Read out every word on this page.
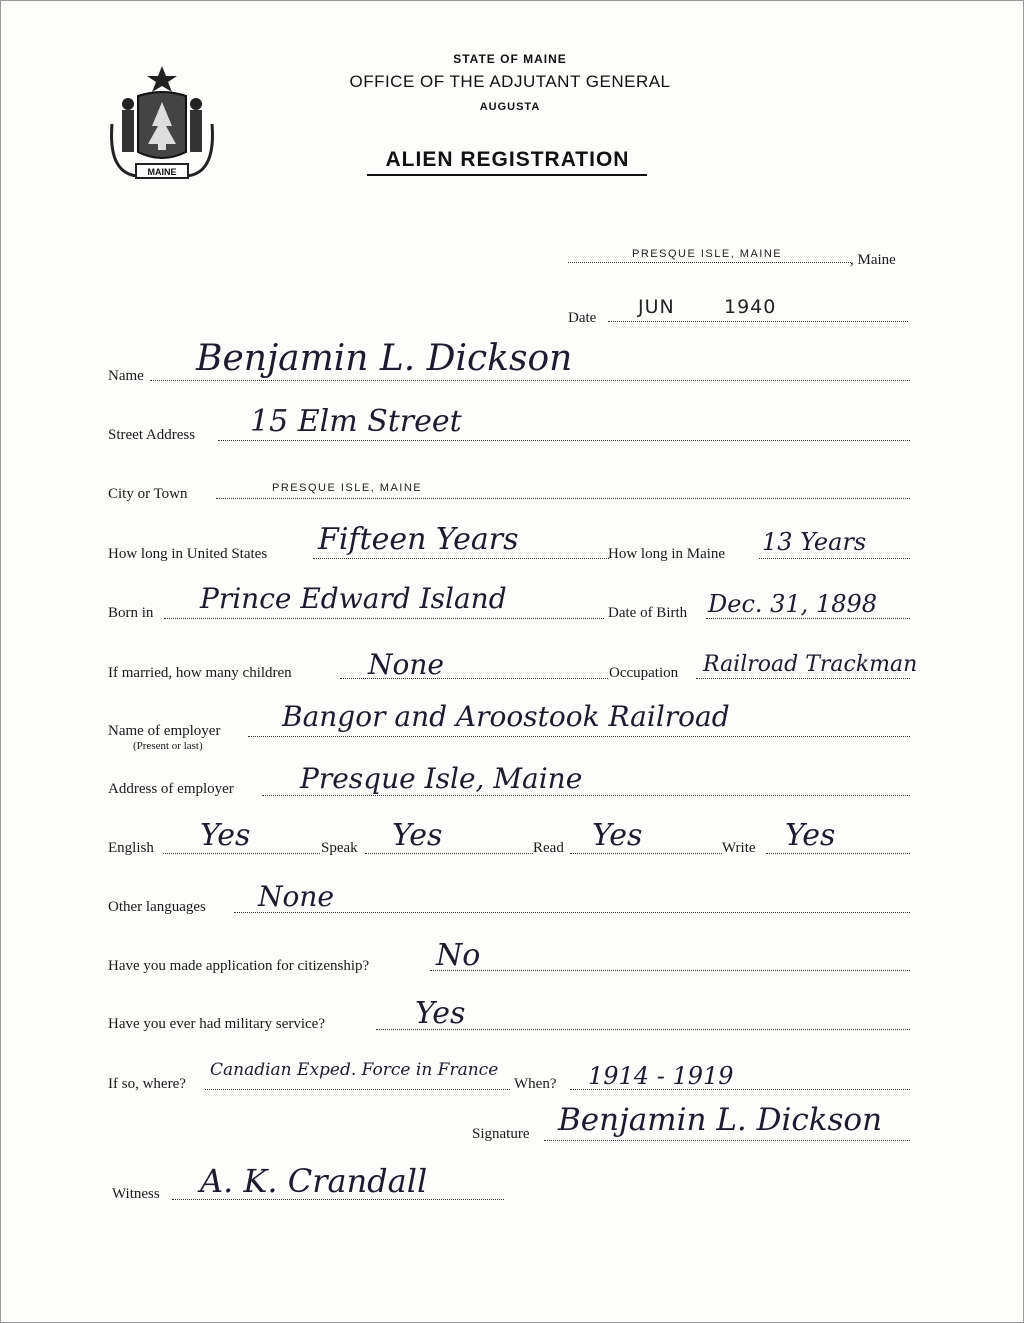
MAINE
STATE OF MAINE
OFFICE OF THE ADJUTANT GENERAL
AUGUSTA
ALIEN REGISTRATION
PRESQUE ISLE, MAINE	, Maine
Date JUN	1940
Name Benjamin L. Dickson
Street Address 15 Elm Street
City or Town	PRESQUE ISLE, MAINE
How long in United States Fifteen Years	How long in Maine 13 Years
Born in Prince Edward Island	Date of Birth Dec. 31, 1898
If married, how many children	None	Occupation Railroad Trackman
Name of employer
(Present or last)
Bangor and Aroostook Railroad
Address of employer Presque Isle, Maine
English Yes	Speak Yes	Read Yes	Write Yes
Other languages None
Have you made application for citizenship? No
Have you ever had military service?	Yes
If so, where?
Canadian Exped. Force in France
When? 1914 - 1919
Signature Benjamin L. Dickson
Witness A. K. Crandall
